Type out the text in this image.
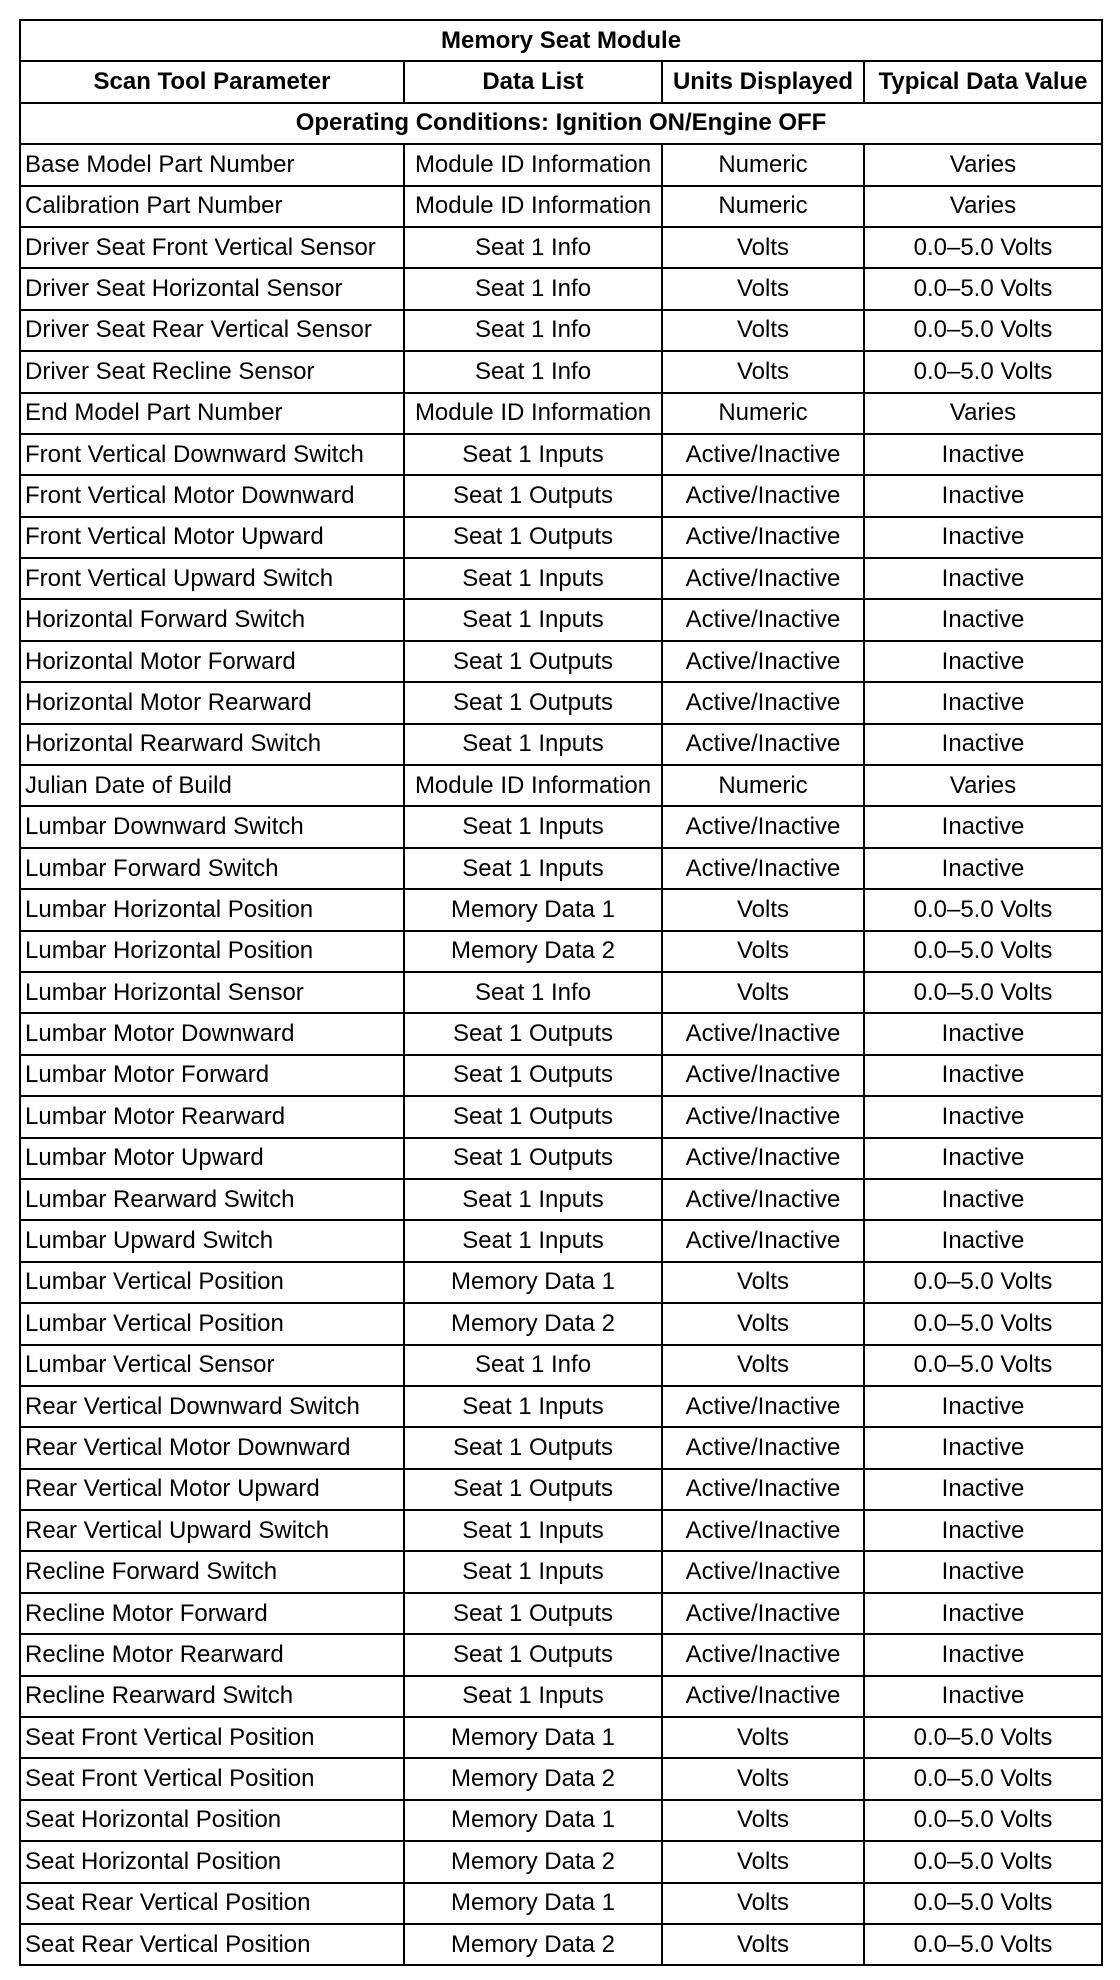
Memory Seat Module			
Scan Tool Parameter	Data List	Units Displayed	Typical Data Value
Operating Conditions: Ignition ON/Engine OFF			
Base Model Part Number	Module ID Information	Numeric	Varies
Calibration Part Number	Module ID Information	Numeric	Varies
Driver Seat Front Vertical Sensor	Seat 1 Info	Volts	0.0–5.0 Volts
Driver Seat Horizontal Sensor	Seat 1 Info	Volts	0.0–5.0 Volts
Driver Seat Rear Vertical Sensor	Seat 1 Info	Volts	0.0–5.0 Volts
Driver Seat Recline Sensor	Seat 1 Info	Volts	0.0–5.0 Volts
End Model Part Number	Module ID Information	Numeric	Varies
Front Vertical Downward Switch	Seat 1 Inputs	Active/Inactive	Inactive
Front Vertical Motor Downward	Seat 1 Outputs	Active/Inactive	Inactive
Front Vertical Motor Upward	Seat 1 Outputs	Active/Inactive	Inactive
Front Vertical Upward Switch	Seat 1 Inputs	Active/Inactive	Inactive
Horizontal Forward Switch	Seat 1 Inputs	Active/Inactive	Inactive
Horizontal Motor Forward	Seat 1 Outputs	Active/Inactive	Inactive
Horizontal Motor Rearward	Seat 1 Outputs	Active/Inactive	Inactive
Horizontal Rearward Switch	Seat 1 Inputs	Active/Inactive	Inactive
Julian Date of Build	Module ID Information	Numeric	Varies
Lumbar Downward Switch	Seat 1 Inputs	Active/Inactive	Inactive
Lumbar Forward Switch	Seat 1 Inputs	Active/Inactive	Inactive
Lumbar Horizontal Position	Memory Data 1	Volts	0.0–5.0 Volts
Lumbar Horizontal Position	Memory Data 2	Volts	0.0–5.0 Volts
Lumbar Horizontal Sensor	Seat 1 Info	Volts	0.0–5.0 Volts
Lumbar Motor Downward	Seat 1 Outputs	Active/Inactive	Inactive
Lumbar Motor Forward	Seat 1 Outputs	Active/Inactive	Inactive
Lumbar Motor Rearward	Seat 1 Outputs	Active/Inactive	Inactive
Lumbar Motor Upward	Seat 1 Outputs	Active/Inactive	Inactive
Lumbar Rearward Switch	Seat 1 Inputs	Active/Inactive	Inactive
Lumbar Upward Switch	Seat 1 Inputs	Active/Inactive	Inactive
Lumbar Vertical Position	Memory Data 1	Volts	0.0–5.0 Volts
Lumbar Vertical Position	Memory Data 2	Volts	0.0–5.0 Volts
Lumbar Vertical Sensor	Seat 1 Info	Volts	0.0–5.0 Volts
Rear Vertical Downward Switch	Seat 1 Inputs	Active/Inactive	Inactive
Rear Vertical Motor Downward	Seat 1 Outputs	Active/Inactive	Inactive
Rear Vertical Motor Upward	Seat 1 Outputs	Active/Inactive	Inactive
Rear Vertical Upward Switch	Seat 1 Inputs	Active/Inactive	Inactive
Recline Forward Switch	Seat 1 Inputs	Active/Inactive	Inactive
Recline Motor Forward	Seat 1 Outputs	Active/Inactive	Inactive
Recline Motor Rearward	Seat 1 Outputs	Active/Inactive	Inactive
Recline Rearward Switch	Seat 1 Inputs	Active/Inactive	Inactive
Seat Front Vertical Position	Memory Data 1	Volts	0.0–5.0 Volts
Seat Front Vertical Position	Memory Data 2	Volts	0.0–5.0 Volts
Seat Horizontal Position	Memory Data 1	Volts	0.0–5.0 Volts
Seat Horizontal Position	Memory Data 2	Volts	0.0–5.0 Volts
Seat Rear Vertical Position	Memory Data 1	Volts	0.0–5.0 Volts
Seat Rear Vertical Position	Memory Data 2	Volts	0.0–5.0 Volts
